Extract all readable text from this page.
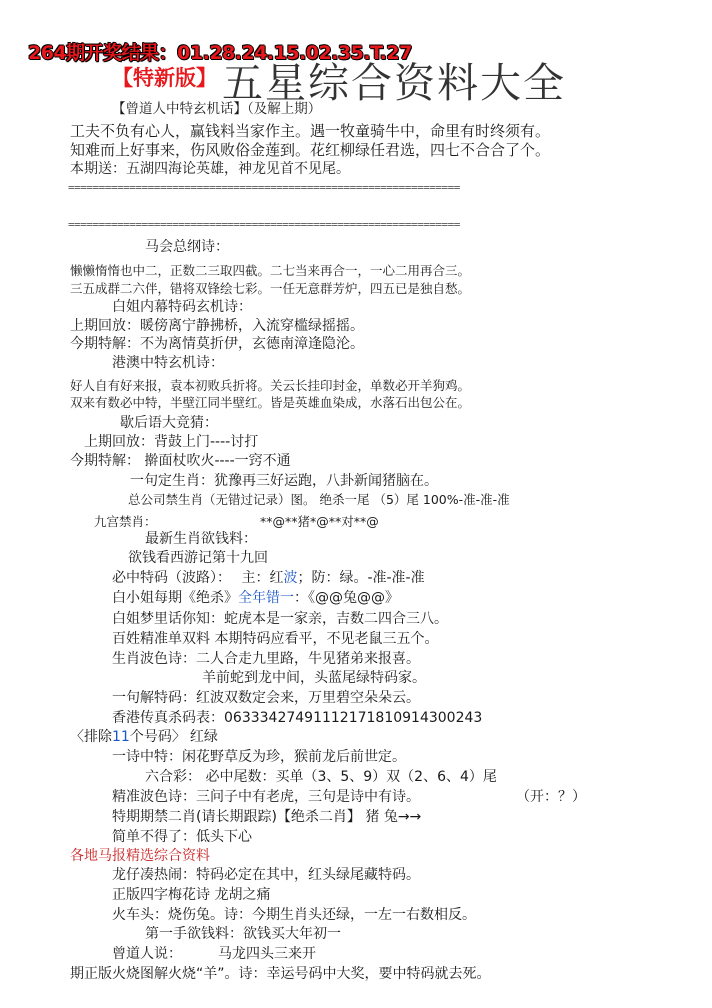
264期开奖结果：01.28.24.15.02.35.T.27
【特新版】 五星综合资料大全
【曾道人中特玄机话】（及解上期）
工夫不负有心人，赢钱料当家作主。遇一牧童骑牛中，命里有时终须有。
知难而上好事来，伤风败俗金莲到。花红柳绿任君选，四七不合合了个。
本期送：五湖四海论英雄，神龙见首不见尾。
================================================================
================================================================
马会总纲诗：
懒懒惰惰也中二，正数二三取四截。二七当来再合一，一心二用再合三。
三五成群二六伴，错将双锋绘七彩。一任无意群芳炉，四五已是独自愁。
白姐内幕特码玄机诗：
上期回放：暖傍离宁静拂桥，入流穿槛绿摇摇。
今期特解：不为离情莫折伊，玄德南漳逢隐沦。
港澳中特玄机诗：
好人自有好来报，袁本初败兵折将。关云长挂印封金，单数必开羊狗鸡。
双来有数必中特，半壁江同半壁红。皆是英雄血染成，水落石出包公在。
歇后语大竞猜：
上期回放：背鼓上门----讨打
今期特解： 擀面杖吹火----一窍不通
一句定生肖：犹豫再三好运跑，八卦新闻猪脑在。
总公司禁生肖（无错过记录）图。 绝杀一尾 （5）尾 100%-准-准-准
九宫禁肖：	**@**猪*@**对**@
最新生肖欲钱料：
欲钱看西游记第十九回
必中特码（波路）： 主：红波；防：绿。-准-准-准
白小姐每期《绝杀》全年错一：《@@兔@@》
白姐梦里话你知：蛇虎本是一家亲，吉数二四合三八。
百姓精准单双料 本期特码应看平，不见老鼠三五个。
生肖波色诗：二人合走九里路，牛见猪弟来报喜。
羊前蛇到龙中间，头蓝尾绿特码家。
一句解特码：红波双数定会来，万里碧空朵朵云。
香港传真杀码表：06333427491112171810914300243
〈排除11个号码〉 红绿
一诗中特：闲花野草反为珍，猴前龙后前世定。
六合彩： 必中尾数：买单（3、5、9）双（2、6、4）尾
精准波色诗：三问子中有老虎，三句是诗中有诗。	（开：？）
特期期禁二肖(请长期跟踪)【绝杀二肖】 猪 兔→→
简单不得了：低头下心
各地马报精选综合资料
龙仔凑热闹：特码必定在其中，红头绿尾藏特码。
正版四字梅花诗 龙胡之痛
火车头：烧伤兔。诗：今期生肖头还绿，一左一右数相反。
第一手欲钱料：欲钱买大年初一
曾道人说：	马龙四头三来开
期正版火烧图解火烧“羊”。诗：幸运号码中大奖，要中特码就去死。
